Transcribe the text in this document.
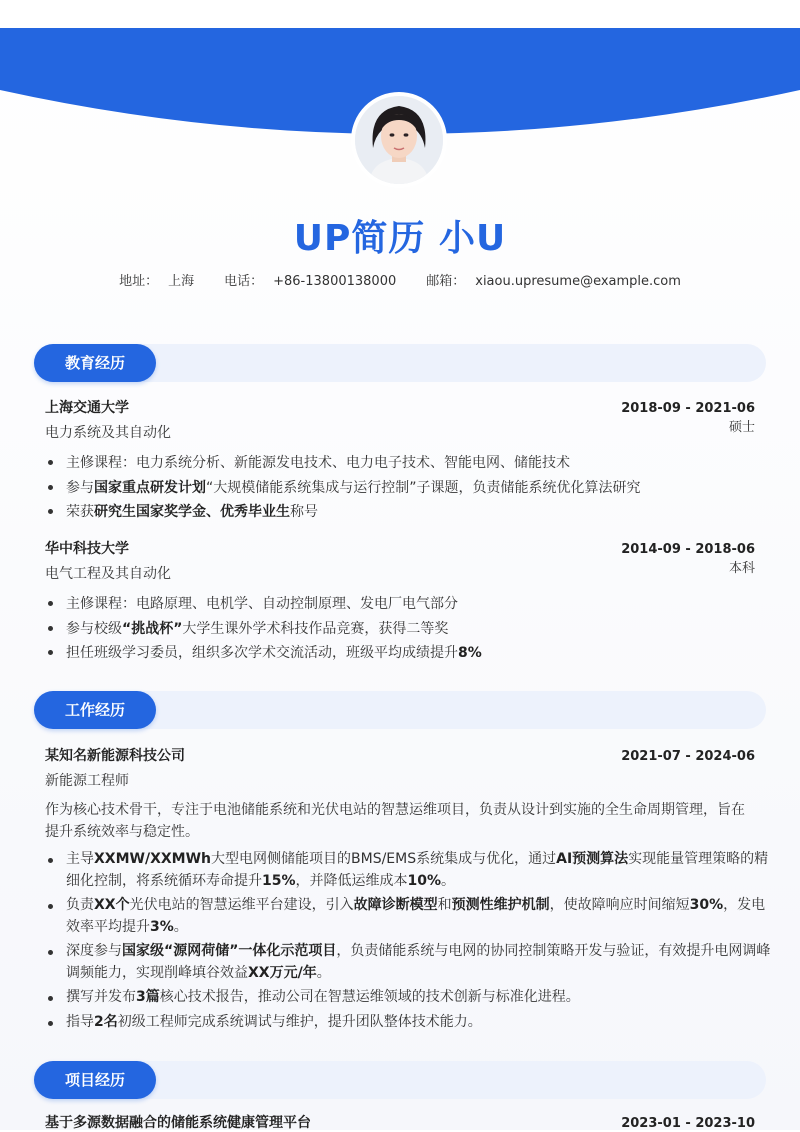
UP简历 小U
地址： 上海 电话： +86-13800138000 邮箱： xiaou.upresume@example.com
教育经历
上海交通大学	2018-09 - 2021-06
电力系统及其自动化	硕士
主修课程：电力系统分析、新能源发电技术、电力电子技术、智能电网、储能技术
参与国家重点研发计划“大规模储能系统集成与运行控制”子课题，负责储能系统优化算法研究
荣获研究生国家奖学金、优秀毕业生称号
华中科技大学	2014-09 - 2018-06
电气工程及其自动化	本科
主修课程：电路原理、电机学、自动控制原理、发电厂电气部分
参与校级“挑战杯”大学生课外学术科技作品竞赛，获得二等奖
担任班级学习委员，组织多次学术交流活动，班级平均成绩提升8%
工作经历
某知名新能源科技公司	2021-07 - 2024-06
新能源工程师

作为核心技术骨干，专注于电池储能系统和光伏电站的智慧运维项目，负责从设计到实施的全生命周期管理，旨在提升系统效率与稳定性。

主导XXMW/XXMWh大型电网侧储能项目的BMS/EMS系统集成与优化，通过AI预测算法实现能量管理策略的精细化控制，将系统循环寿命提升15%，并降低运维成本10%。
负责XX个光伏电站的智慧运维平台建设，引入故障诊断模型和预测性维护机制，使故障响应时间缩短30%，发电效率平均提升3%。
深度参与国家级“源网荷储”一体化示范项目，负责储能系统与电网的协同控制策略开发与验证，有效提升电网调峰调频能力，实现削峰填谷效益XX万元/年。
撰写并发布3篇核心技术报告，推动公司在智慧运维领域的技术创新与标准化进程。
指导2名初级工程师完成系统调试与维护，提升团队整体技术能力。
项目经历
基于多源数据融合的储能系统健康管理平台	2023-01 - 2023-10
